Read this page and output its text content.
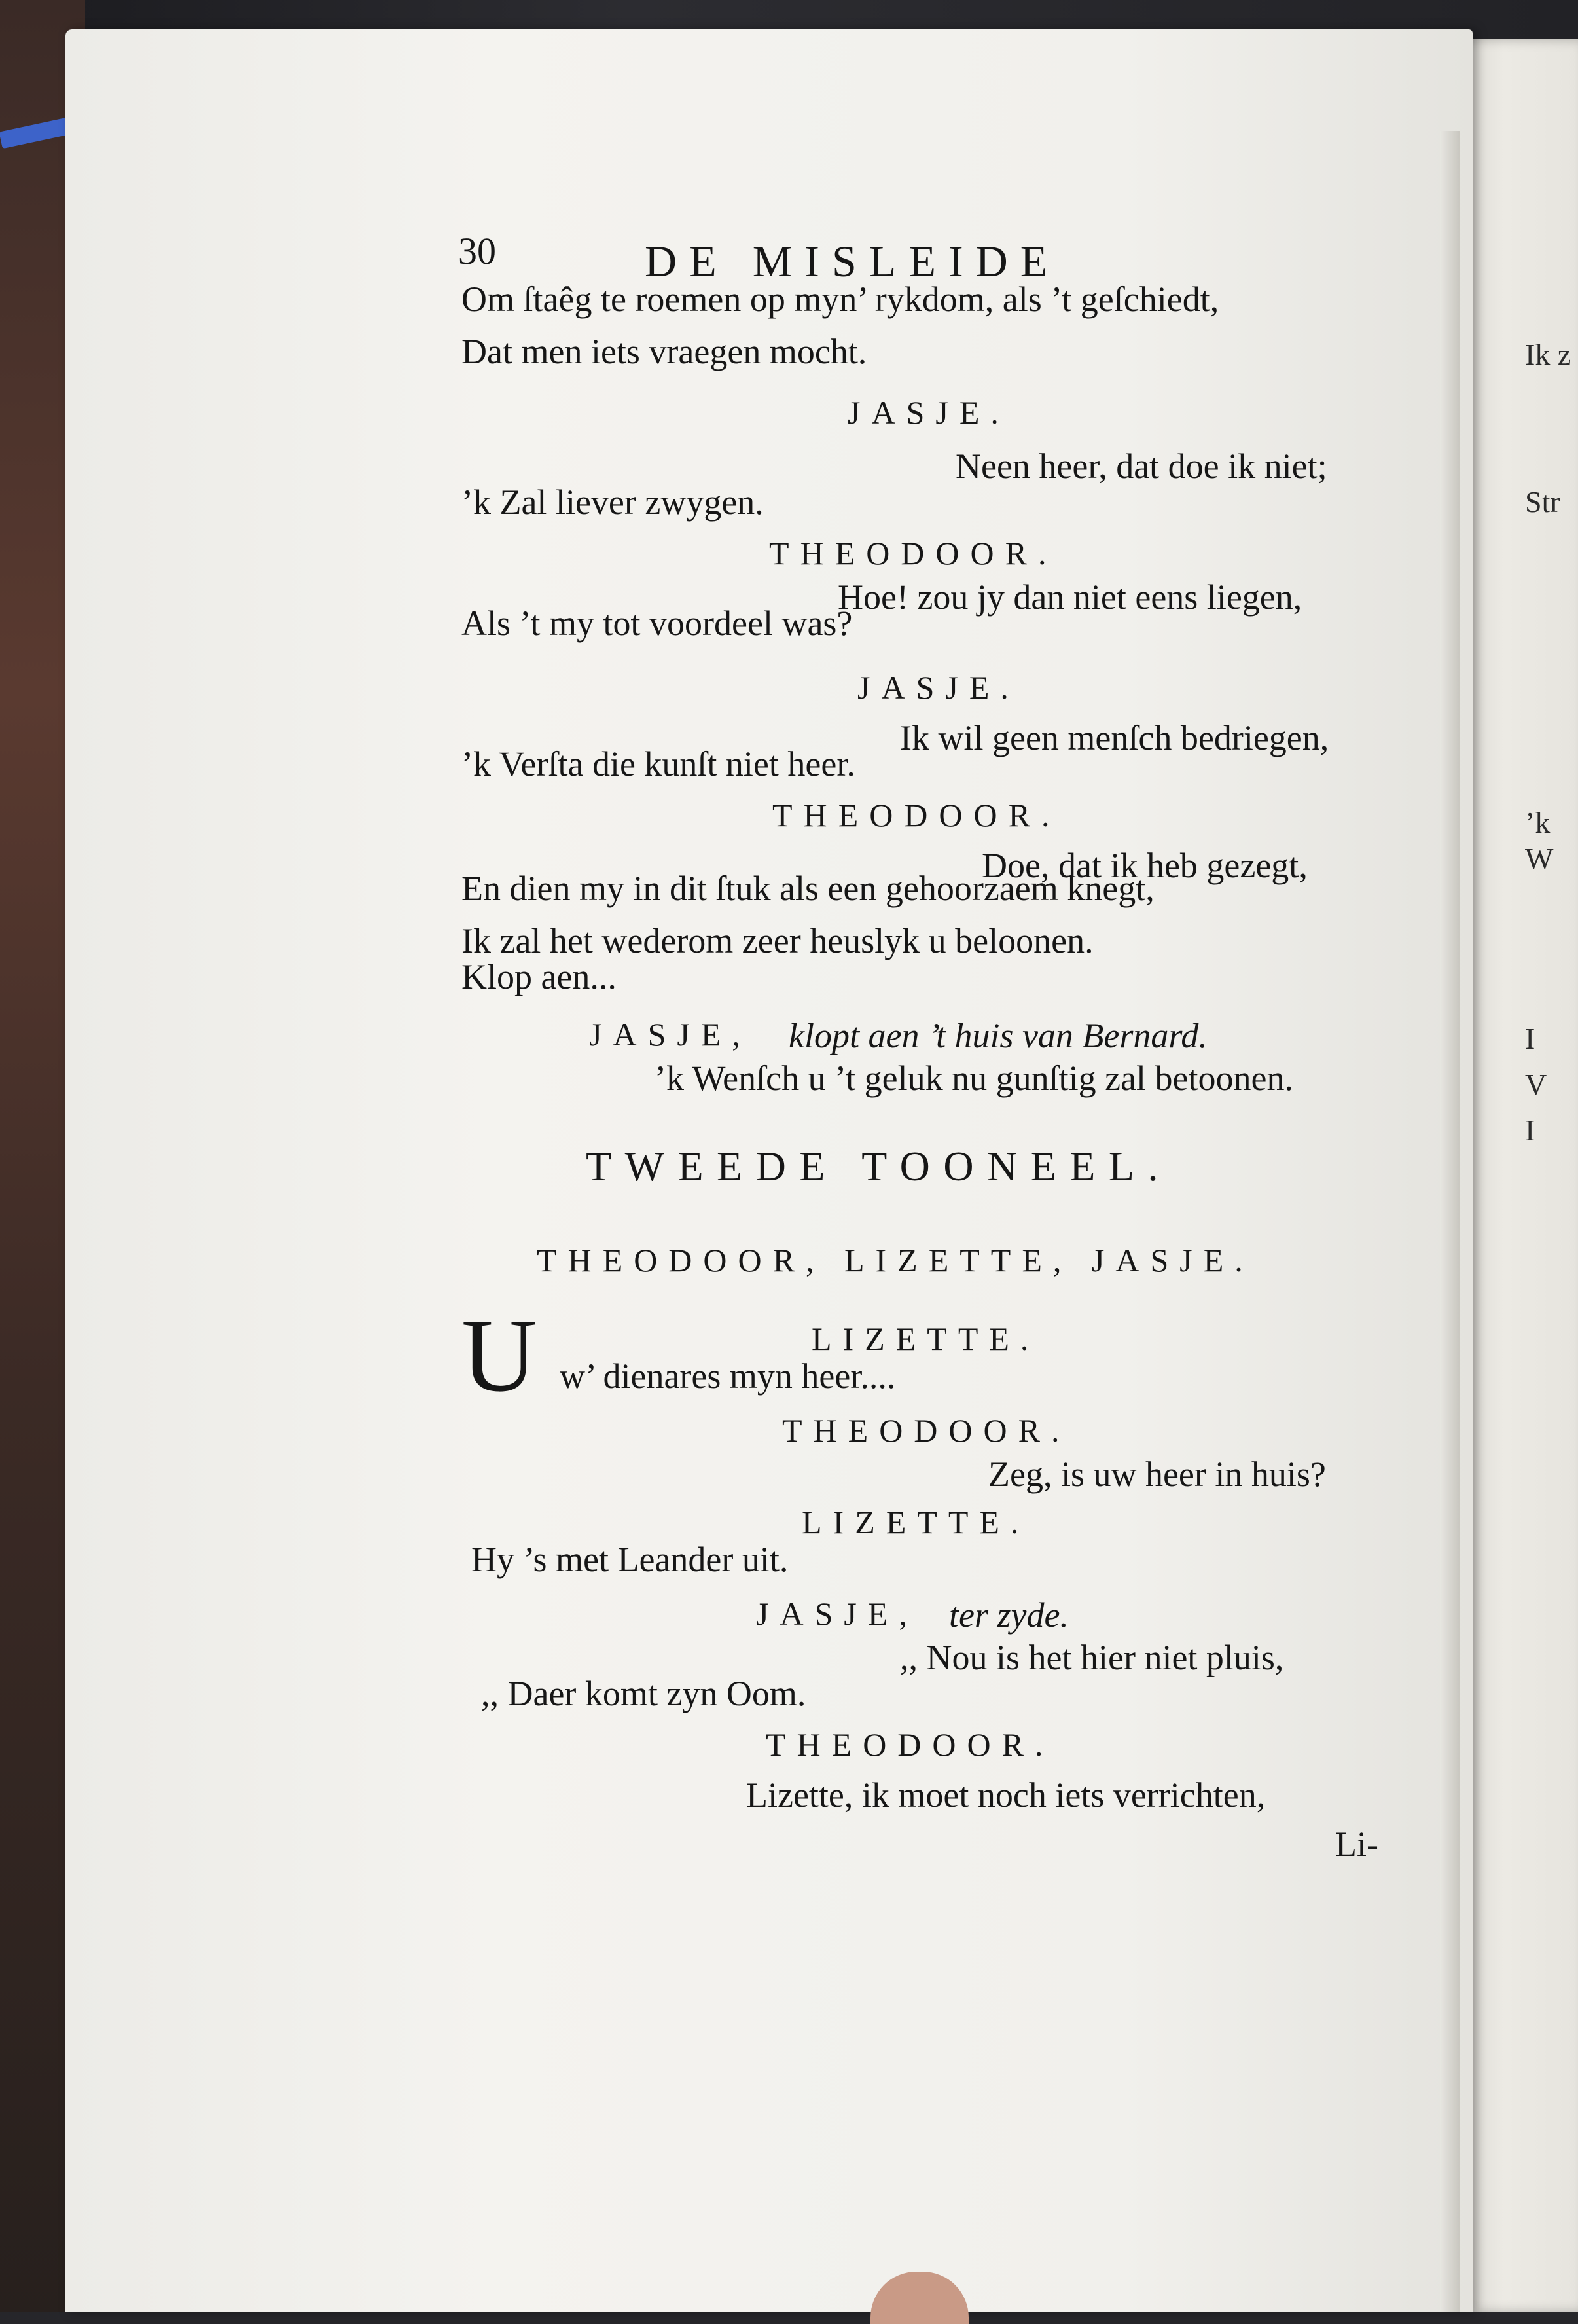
Ik z
Str
’k
W
I
V
I
30	DE MISLEIDE
Om ſtaêg te roemen op myn’ rykdom, als ’t geſchiedt,
Dat men iets vraegen mocht.
JASJE.
Neen heer, dat doe ik niet;
’k Zal liever zwygen.
THEODOOR.
Hoe! zou jy dan niet eens liegen,
Als ’t my tot voordeel was?
JASJE.
Ik wil geen menſch bedriegen,
’k Verſta die kunſt niet heer.
THEODOOR.
Doe, dat ik heb gezegt,
En dien my in dit ſtuk als een gehoorzaem knegt,
Ik zal het wederom zeer heuslyk u beloonen.
Klop aen...
JASJE, klopt aen ’t huis van Bernard.
’k Wenſch u ’t geluk nu gunſtig zal betoonen.
TWEEDE TOONEEL.
THEODOOR, LIZETTE, JASJE.
U	LIZETTE.
w’ dienares myn heer....
THEODOOR.
Zeg, is uw heer in huis?
LIZETTE.
Hy ’s met Leander uit.
JASJE, ter zyde.
,, Nou is het hier niet pluis,
,, Daer komt zyn Oom.
THEODOOR.
Lizette, ik moet noch iets verrichten,
Li-
